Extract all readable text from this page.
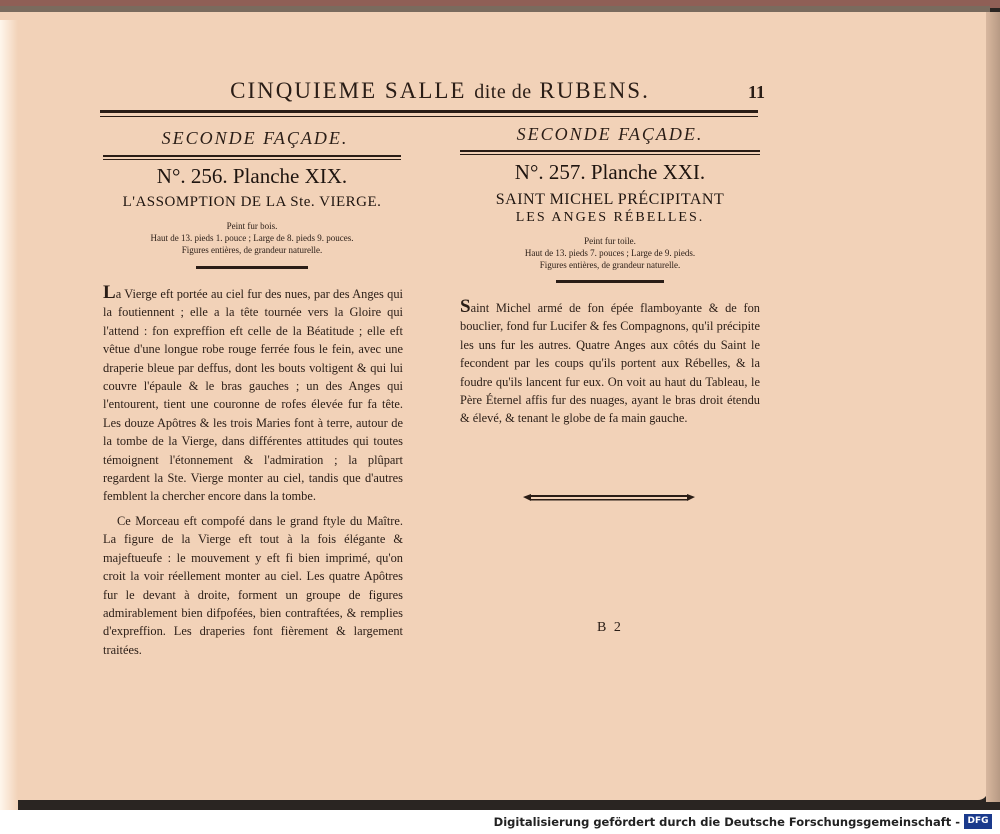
CINQUIEME SALLE dite de RUBENS.	11
SECONDE FAÇADE.
N°. 256. Planche XIX.
L'ASSOMPTION DE LA Ste. VIERGE.
Peint fur bois.
Haut de 13. pieds 1. pouce ; Large de 8. pieds 9. pouces.
Figures entières, de grandeur naturelle.

La Vierge eft portée au ciel fur des nues, par des Anges qui la foutiennent ; elle a la tête tournée vers la Gloire qui l'attend : fon expreffion eft celle de la Béatitude ; elle eft vêtue d'une longue robe rouge ferrée fous le fein, avec une draperie bleue par deffus, dont les bouts voltigent & qui lui couvre l'épaule & le bras gauches ; un des Anges qui l'entourent, tient une couronne de rofes élevée fur fa tête. Les douze Apôtres & les trois Maries font à terre, autour de la tombe de la Vierge, dans différentes attitudes qui toutes témoignent l'étonnement & l'admiration ; la plûpart regardent la Ste. Vierge monter au ciel, tandis que d'autres femblent la chercher encore dans la tombe.

Ce Morceau eft compofé dans le grand ftyle du Maître. La figure de la Vierge eft tout à la fois élégante & majeftueufe : le mouvement y eft fi bien imprimé, qu'on croit la voir réellement monter au ciel. Les quatre Apôtres fur le devant à droite, forment un groupe de figures admirablement bien difpofées, bien contraftées, & remplies d'expreffion. Les draperies font fièrement & largement traitées.

SECONDE FAÇADE.
N°. 257. Planche XXI.
SAINT MICHEL PRÉCIPITANT
LES ANGES RÉBELLES.
Peint fur toile.
Haut de 13. pieds 7. pouces ; Large de 9. pieds.
Figures entières, de grandeur naturelle.

Saint Michel armé de fon épée flamboyante & de fon bouclier, fond fur Lucifer & fes Compagnons, qu'il précipite les uns fur les autres. Quatre Anges aux côtés du Saint le fecondent par les coups qu'ils portent aux Rébelles, & la foudre qu'ils lancent fur eux. On voit au haut du Tableau, le Père Éternel affis fur des nuages, ayant le bras droit étendu & élevé, & tenant le globe de fa main gauche.

B 2
Digitalisierung gefördert durch die Deutsche Forschungsgemeinschaft - DFG
